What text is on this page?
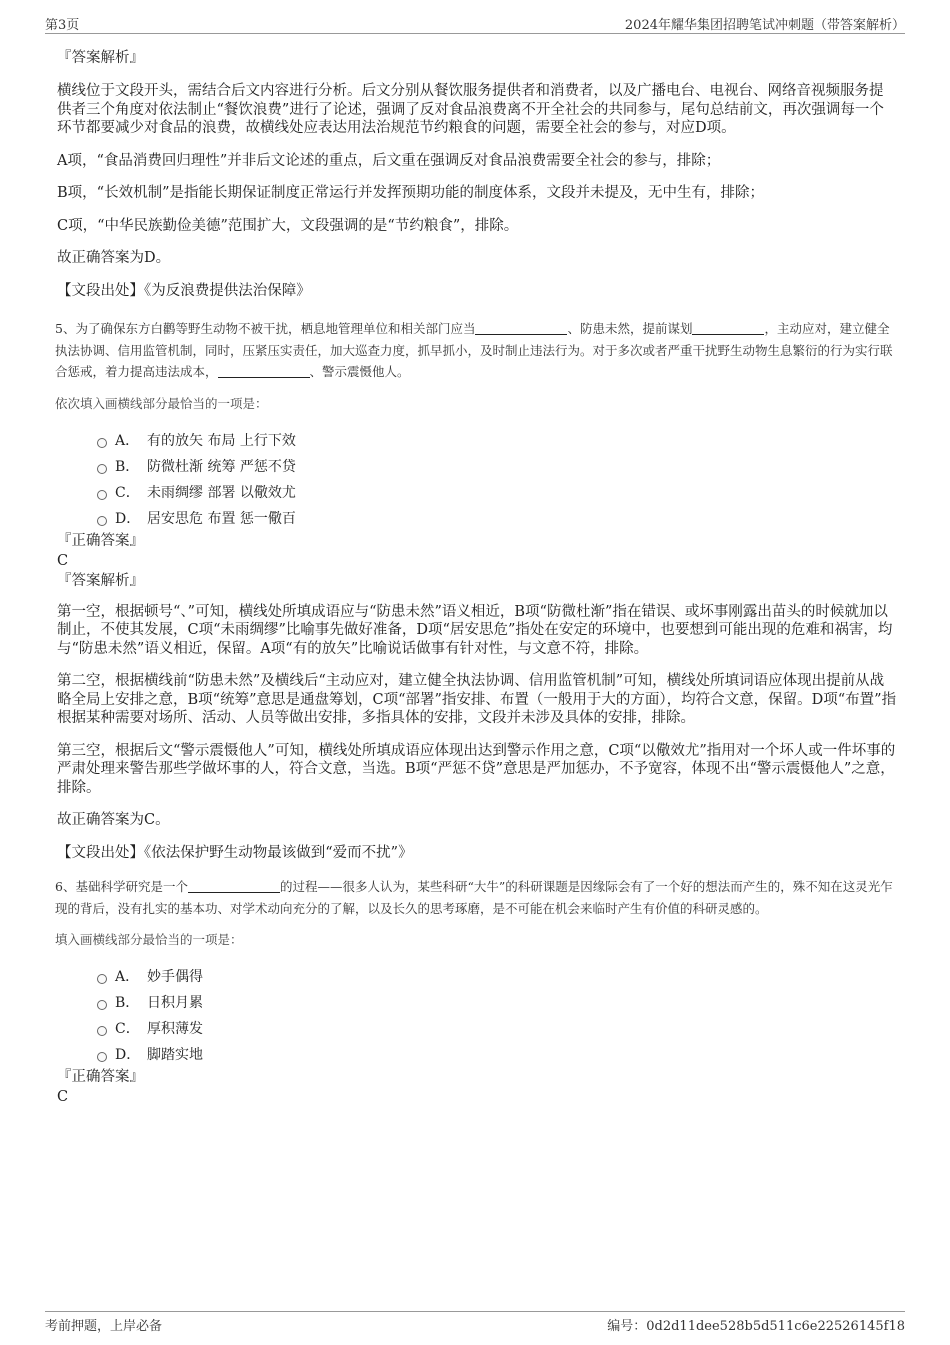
第3页	2024年耀华集团招聘笔试冲刺题（带答案解析）
『答案解析』
横线位于文段开头，需结合后文内容进行分析。后文分别从餐饮服务提供者和消费者，以及广播电台、电视台、网络音视频服务提供者三个角度对依法制止“餐饮浪费”进行了论述，强调了反对食品浪费离不开全社会的共同参与，尾句总结前文，再次强调每一个环节都要减少对食品的浪费，故横线处应表达用法治规范节约粮食的问题，需要全社会的参与，对应D项。
A项，“食品消费回归理性”并非后文论述的重点，后文重在强调反对食品浪费需要全社会的参与，排除；
B项，“长效机制”是指能长期保证制度正常运行并发挥预期功能的制度体系，文段并未提及，无中生有，排除；
C项，“中华民族勤俭美德”范围扩大，文段强调的是“节约粮食”，排除。
故正确答案为D。
【文段出处】《为反浪费提供法治保障》
5、为了确保东方白鹳等野生动物不被干扰，栖息地管理单位和相关部门应当	、防患未然，提前谋划	，主动应对，建立健全执法协调、信用监管机制，同时，压紧压实责任，加大巡查力度，抓早抓小，及时制止违法行为。对于多次或者严重干扰野生动物生息繁衍的行为实行联合惩戒，着力提高违法成本，	、警示震慑他人。
依次填入画横线部分最恰当的一项是：
A． 有的放矢 布局 上行下效
B． 防微杜渐 统筹 严惩不贷
C． 未雨绸缪 部署 以儆效尤
D． 居安思危 布置 惩一儆百
『正确答案』
C
『答案解析』
第一空，根据顿号“、”可知，横线处所填成语应与“防患未然”语义相近，B项“防微杜渐”指在错误、或坏事刚露出苗头的时候就加以制止，不使其发展，C项“未雨绸缪”比喻事先做好准备，D项“居安思危”指处在安定的环境中，也要想到可能出现的危难和祸害，均与“防患未然”语义相近，保留。A项“有的放矢”比喻说话做事有针对性，与文意不符，排除。
第二空，根据横线前“防患未然”及横线后“主动应对，建立健全执法协调、信用监管机制”可知，横线处所填词语应体现出提前从战略全局上安排之意，B项“统筹”意思是通盘筹划，C项“部署”指安排、布置（一般用于大的方面），均符合文意，保留。D项“布置”指根据某种需要对场所、活动、人员等做出安排，多指具体的安排，文段并未涉及具体的安排，排除。
第三空，根据后文“警示震慑他人”可知，横线处所填成语应体现出达到警示作用之意，C项“以儆效尤”指用对一个坏人或一件坏事的严肃处理来警告那些学做坏事的人，符合文意，当选。B项“严惩不贷”意思是严加惩办，不予宽容，体现不出“警示震慑他人”之意，排除。
故正确答案为C。
【文段出处】《依法保护野生动物最该做到“爱而不扰”》
6、基础科学研究是一个	的过程——很多人认为，某些科研“大牛”的科研课题是因缘际会有了一个好的想法而产生的，殊不知在这灵光乍现的背后，没有扎实的基本功、对学术动向充分的了解，以及长久的思考琢磨，是不可能在机会来临时产生有价值的科研灵感的。
填入画横线部分最恰当的一项是：
A． 妙手偶得
B． 日积月累
C． 厚积薄发
D． 脚踏实地
『正确答案』
C
考前押题，上岸必备	编号：0d2d11dee528b5d511c6e22526145f18
